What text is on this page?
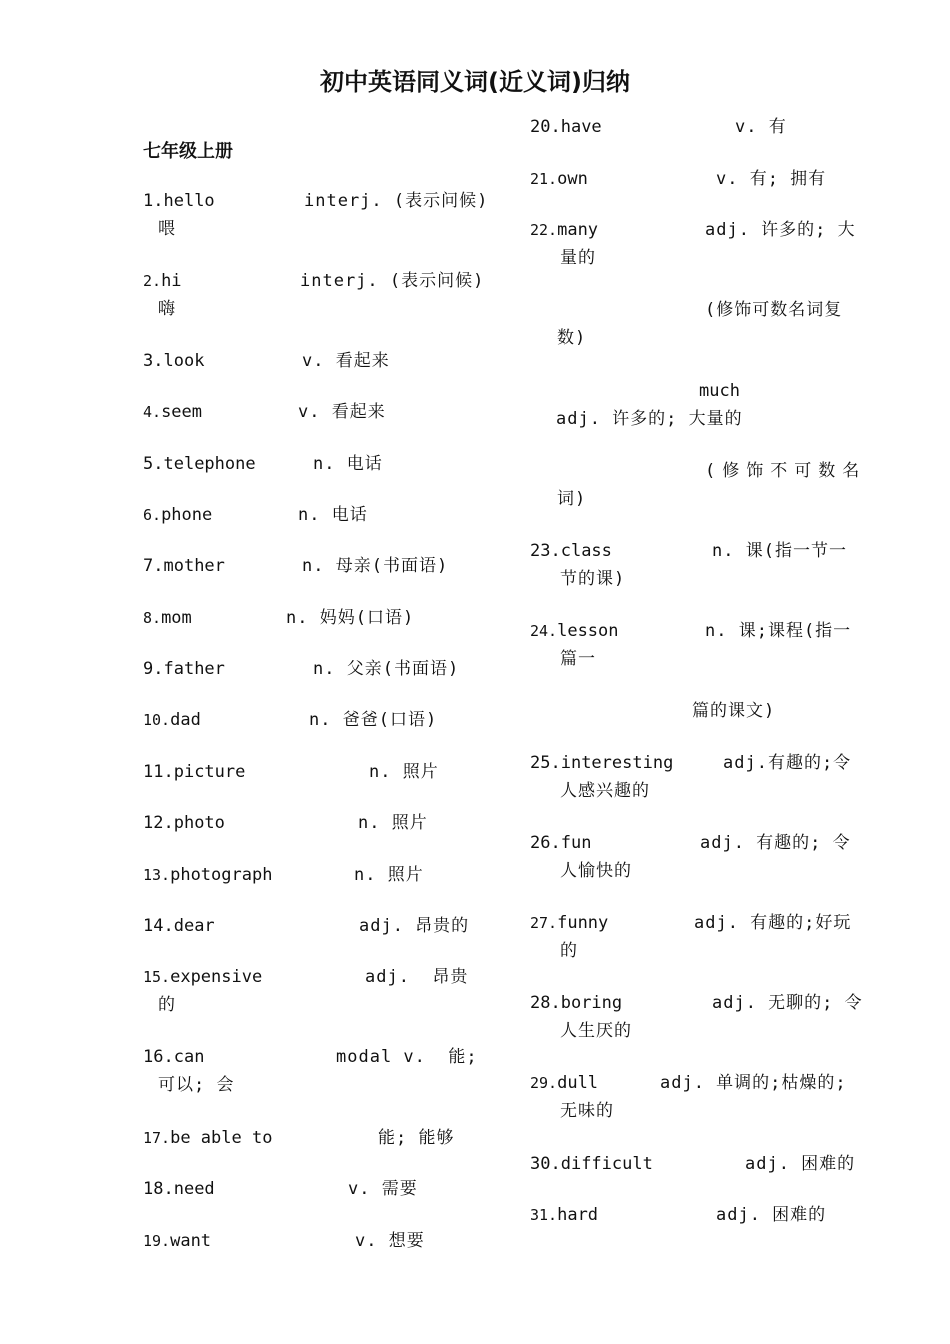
初中英语同义词(近义词)归纳
七年级上册
1.hello	interj. (表示问候)
喂
2.hi	interj. (表示问候)
嗨
3.look	v. 看起来
4.seem	v. 看起来
5.telephone	n. 电话
6.phone	n. 电话
7.mother	n. 母亲(书面语)
8.mom	n. 妈妈(口语)
9.father	n. 父亲(书面语)
10.dad	n. 爸爸(口语)
11.picture	n. 照片
12.photo	n. 照片
13.photograph	n. 照片
14.dear	adj. 昂贵的
15.expensive	adj.  昂贵
的
16.can	modal v.  能;
可以; 会
17.be able to	能; 能够
18.need	v. 需要
19.want	v. 想要
20.have	v. 有
21.own	v. 有; 拥有
22.many	adj. 许多的; 大
量的
(修饰可数名词复
数)
much
adj. 许多的; 大量的
(修饰不可数名
词)
23.class	n. 课(指一节一
节的课)
24.lesson	n. 课;课程(指一
篇一
篇的课文)
25.interesting	adj.有趣的;令
人感兴趣的
26.fun	adj. 有趣的; 令
人愉快的
27.funny	adj. 有趣的;好玩
的
28.boring	adj. 无聊的; 令
人生厌的
29.dull	adj. 单调的;枯燥的;
无味的
30.difficult	adj. 困难的
31.hard	adj. 困难的
